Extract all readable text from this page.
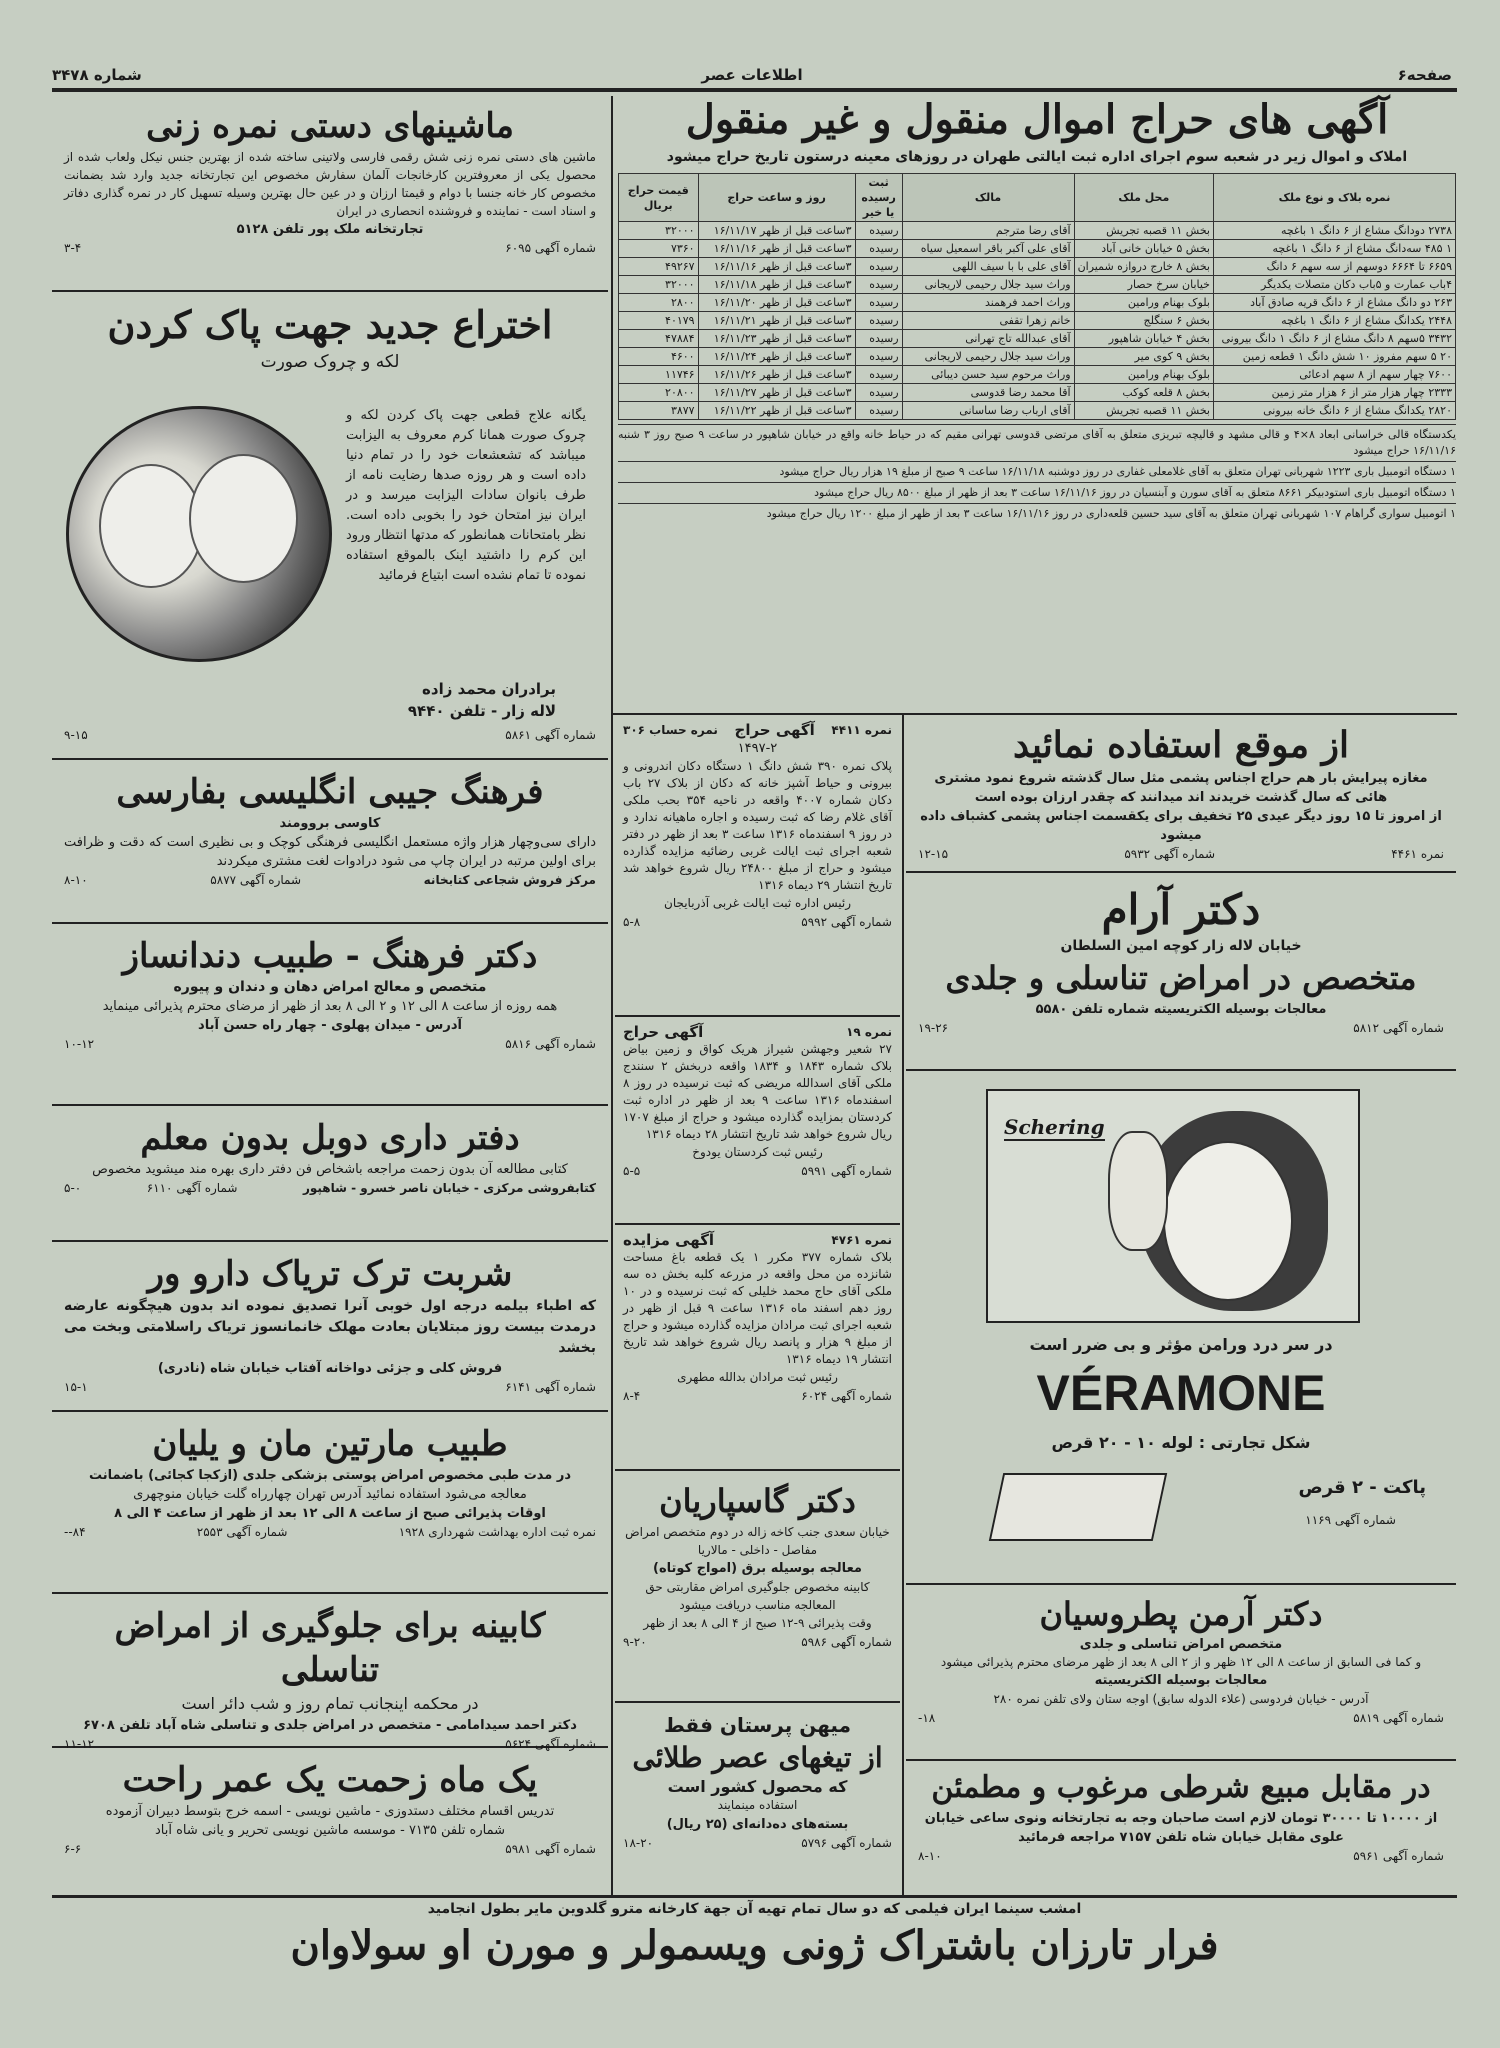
صفحه۶
اطلاعات عصر
شماره ۳۴۷۸
آگهی های حراج اموال منقول و غیر منقول
املاک و اموال زیر در شعبه سوم اجرای اداره ثبت ایالتی طهران در روزهای معینه درستون تاریخ حراج میشود
نمره بلاک و نوع ملک	محل ملک	مالک	ثبت رسیده یا خیر	روز و ساعت حراج	قیمت حراج بریال
۲۷۳۸ دودانگ مشاع از ۶ دانگ ۱ باغچه	بخش ۱۱ قصبه تجریش	آقای رضا مترجم	رسیده	۳ساعت قبل از ظهر ۱۶/۱۱/۱۷	۳۲۰۰۰
۱ ۴۸۵ سه‌دانگ مشاع از ۶ دانگ ۱ باغچه	بخش ۵ خیابان خانی آباد	آقای علی آکبر باقر اسمعیل سیاه	رسیده	۳ساعت قبل از ظهر ۱۶/۱۱/۱۶	۷۳۶۰
۶۶۵۹ تا ۶۶۶۴ دوسهم از سه سهم ۶ دانگ	بخش ۸ خارج دروازه شمیران	آقای علی با با سیف اللهی	رسیده	۳ساعت قبل از ظهر ۱۶/۱۱/۱۶	۴۹۲۶۷
۴باب عمارت و ۵باب دکان متصلات یکدیگر	خیابان سرخ حصار	وراث سید جلال رحیمی لاریجانی	رسیده	۳ساعت قبل از ظهر ۱۶/۱۱/۱۸	۳۲۰۰۰
۲۶۳ دو دانگ مشاع از ۶ دانگ قریه صادق آباد	بلوک بهنام ورامین	وراث احمد فرهمند	رسیده	۳ساعت قبل از ظهر ۱۶/۱۱/۲۰	۲۸۰۰
۲۴۴۸ یکدانگ مشاع از ۶ دانگ ۱ باغچه	بخش ۶ سنگلج	خانم زهرا تقفی	رسیده	۳ساعت قبل از ظهر ۱۶/۱۱/۲۱	۴۰۱۷۹
۳۴۳۲ ۵سهم ۸ دانگ مشاع از ۶ دانگ ۱ دانگ بیرونی	بخش ۴ خیابان شاهپور	آقای عبدالله تاج تهرانی	رسیده	۳ساعت قبل از ظهر ۱۶/۱۱/۲۳	۴۷۸۸۴
۲۰ ۵ سهم مفروز ۱۰ شش دانگ ۱ قطعه زمین	بخش ۹ کوی میر	وراث سید جلال رحیمی لاریجانی	رسیده	۳ساعت قبل از ظهر ۱۶/۱۱/۲۴	۴۶۰۰
۷۶۰۰ چهار سهم از ۸ سهم ادعائی	بلوک بهنام ورامین	وراث مرحوم سید حسن دیبائی	رسیده	۳ساعت قبل از ظهر ۱۶/۱۱/۲۶	۱۱۷۴۶
۲۳۳۳ چهار هزار متر از ۶ هزار متر زمین	بخش ۸ قلعه کوکب	آقا محمد رضا قدوسی	رسیده	۳ساعت قبل از ظهر ۱۶/۱۱/۲۷	۲۰۸۰۰
۲۸۲۰ یکدانگ مشاع از ۶ دانگ خانه بیرونی	بخش ۱۱ قصبه تجریش	آقای ارباب رضا ساسانی	رسیده	۳ساعت قبل از ظهر ۱۶/۱۱/۲۲	۳۸۷۷
یکدستگاه قالی خراسانی ابعاد ۸×۴ و قالی مشهد و قالیچه تبریزی متعلق به آقای مرتضی قدوسی تهرانی مقیم که در حیاط خانه واقع در خیابان شاهپور در ساعت ۹ صبح روز ۳ شنبه ۱۶/۱۱/۱۶ حراج میشود
۱ دستگاه اتومبیل باری ۱۲۲۳ شهربانی تهران متعلق به آقای غلامعلی غفاری در روز دوشنبه ۱۶/۱۱/۱۸ ساعت ۹ صبح از مبلغ ۱۹ هزار ریال حراج میشود
۱ دستگاه اتومبیل باری استودبیکر ۸۶۶۱ متعلق به آقای سورن و آبنسیان در روز ۱۶/۱۱/۱۶ ساعت ۳ بعد از ظهر از مبلغ ۸۵۰۰ ریال حراج میشود
۱ اتومبیل سواری گراهام ۱۰۷ شهربانی تهران متعلق به آقای سید حسین قلعه‌داری در روز ۱۶/۱۱/۱۶ ساعت ۳ بعد از ظهر از مبلغ ۱۲۰۰ ریال حراج میشود
ماشینهای دستی نمره زنی
ماشین های دستی نمره زنی شش رقمی فارسی ولاتینی ساخته شده از بهترین جنس نیکل ولعاب شده از محصول یکی از معروفترین کارخانجات آلمان سفارش مخصوص این تجارتخانه جدید وارد شد بضمانت مخصوص کار خانه جنسا با دوام و قیمتا ارزان و در عین حال بهترین وسیله تسهیل کار در نمره گذاری دفاتر و اسناد است - نماینده و فروشنده انحصاری در ایران
تجارتخانه ملک پور تلفن ۵۱۲۸
شماره آگهی ۶۰۹۵
۳-۴
اختراع جدید جهت پاک کردن
لکه و چروک صورت
یگانه علاج قطعی جهت پاک کردن لکه و چروک صورت همانا کرم معروف به الیزابت میباشد که تشعشعات خود را در تمام دنیا داده است و هر روزه صدها رضایت نامه از طرف بانوان سادات الیزابت میرسد و در ایران نیز امتحان خود را بخوبی داده است. نظر بامتحانات همانطور که مدتها انتظار ورود این کرم را داشتید اینک بالموقع استفاده نموده تا تمام نشده است ابتیاع فرمائید
برادران محمد زاده
لاله زار - تلفن ۹۴۴۰
شماره آگهی ۵۸۶۱
۹-۱۵
فرهنگ جیبی انگلیسی بفارسی
کاوسی بروومند
دارای سی‌وچهار هزار واژه مستعمل انگلیسی فرهنگی کوچک و بی نظیری است که دقت و ظرافت برای اولین مرتبه در ایران چاپ می شود درادوات لغت مشتری میکردند
مرکز فروش شجاعی کتابخانه
شماره آگهی ۵۸۷۷
۸-۱۰
دکتر فرهنگ - طبیب دندانساز
متخصص و معالج امراض دهان و دندان و پیوره
همه روزه از ساعت ۸ الی ۱۲ و ۲ الی ۸ بعد از ظهر از مرضای محترم پذیرائی مینماید
آدرس - میدان پهلوی - چهار راه حسن آباد
شماره آگهی ۵۸۱۶
۱۰-۱۲
دفتر داری دوبل بدون معلم
کتابی مطالعه آن بدون زحمت مراجعه باشخاص فن دفتر داری بهره مند میشوید مخصوص
کتابفروشی مرکزی - خیابان ناصر خسرو - شاهپور
شماره آگهی ۶۱۱۰
۵-۰
شربت ترک تریاک دارو ور
که اطباء بیلمه درجه اول خوبی آنرا تصدیق نموده اند بدون هیچگونه عارضه درمدت بیست روز مبتلایان بعادت مهلک خانمانسوز تریاک راسلامتی وبخت می بخشد
فروش کلی و جزئی دواخانه آفتاب خیابان شاه (نادری)
شماره آگهی ۶۱۴۱
۱۵-۱
طبیب مارتین مان و یلیان
در مدت طبی مخصوص امراض پوستی بزشکی جلدی (ازکجا کجائی) باضمانت
معالجه می‌شود استفاده نمائید آدرس تهران چهارراه گلت خیابان منوچهری
اوقات پذیرائی صبح از ساعت ۸ الی ۱۲ بعد از ظهر از ساعت ۴ الی ۸
نمره ثبت اداره بهداشت شهرداری ۱۹۲۸
شماره آگهی ۲۵۵۳
۸۴--
کابینه برای جلوگیری از امراض تناسلی
در محکمه اینجانب تمام روز و شب دائر است
دکتر احمد سیدامامی - متخصص در امراض جلدی و تناسلی شاه آباد تلفن ۶۷۰۸
شماره آگهی ۵۶۲۴
۱۱-۱۲
یک ماه زحمت یک عمر راحت
تدریس اقسام مختلف دستدوزی - ماشین نویسی - اسمه خرج بتوسط دبیران آزموده
شماره تلفن ۷۱۳۵ - موسسه ماشین نویسی تحریر و یانی شاه آباد
شماره آگهی ۵۹۸۱
۶-۶
نمره ۴۴۱۱
آگهی حراج
نمره حساب ۳۰۶
۱۴۹۷-۲
پلاک نمره ۳۹۰ شش دانگ ۱ دستگاه دکان اندرونی و بیرونی و حیاط آشپز خانه که دکان از بلاک ۲۷ باب دکان شماره ۴۰۰۷ واقعه در ناحیه ۳۵۴ بحب ملکی آقای غلام رضا که ثبت رسیده و اجاره ماهیانه ندارد و در روز ۹ اسفندماه ۱۳۱۶ ساعت ۳ بعد از ظهر در دفتر شعبه اجرای ثبت ایالت غربی رضائیه مزایده گذارده میشود و حراج از مبلغ ۲۴۸۰۰ ریال شروع خواهد شد تاریخ انتشار ۲۹ دیماه ۱۳۱۶
رئیس اداره ثبت ایالت غربی آذربایجان
شماره آگهی ۵۹۹۲
۵-۸
نمره ۱۹
آگهی حراج
۲۷ شعیر وجهشن شیراز هریک کواق و زمین بیاض بلاک شماره ۱۸۴۳ و ۱۸۳۴ واقعه دربخش ۲ سنندج ملکی آقای اسدالله مریضی که ثبت نرسیده در روز ۸ اسفندماه ۱۳۱۶ ساعت ۹ بعد از ظهر در اداره ثبت کردستان بمزایده گذارده میشود و حراج از مبلغ ۱۷۰۷ ریال شروع خواهد شد تاریخ انتشار ۲۸ دیماه ۱۳۱۶
رئیس ثبت کردستان یودوخ
شماره آگهی ۵۹۹۱
۵-۵
نمره ۴۷۶۱
آگهی مزایده
بلاک شماره ۳۷۷ مکرر ۱ یک قطعه باغ مساحت شانزده من محل واقعه در مزرعه کلبه بخش ده سه ملکی آقای حاج محمد خلیلی که ثبت نرسیده و در ۱۰ روز دهم اسفند ماه ۱۳۱۶ ساعت ۹ قبل از ظهر در شعبه اجرای ثبت مرادان مزایده گذارده میشود و حراج از مبلغ ۹ هزار و پانصد ریال شروع خواهد شد تاریخ انتشار ۱۹ دیماه ۱۳۱۶
رئیس ثبت مرادان بدالله مطهری
شماره آگهی ۶۰۲۴
۸-۴
دکتر گاسپاریان
خیابان سعدی جنب کاخه زاله در دوم متخصص امراض مفاصل - داخلی - مالاریا
معالجه بوسیله برق (امواج کوتاه)
کابینه مخصوص جلوگیری امراض مقاربتی حق المعالجه مناسب دریافت میشود
وقت پذیرائی ۹-۱۲ صبح از ۴ الی ۸ بعد از ظهر
شماره آگهی ۵۹۸۶
۹-۲۰
میهن پرستان فقط
از تیغهای عصر طلائی
که محصول کشور است
استفاده مینمایند
بسته‌های ده‌دانه‌ای (۲۵ ریال)
شماره آگهی ۵۷۹۶
۱۸-۲۰
از موقع استفاده نمائید
مغازه پیرایش بار هم حراج اجناس پشمی مثل سال گذشته شروع نمود مشتری هائی که سال گذشت خریدند اند میدانند که چقدر ارزان بوده است
از امروز تا ۱۵ روز دیگر عیدی ۲۵ تخفیف برای یکقسمت اجناس پشمی کشباف داده میشود
نمره ۴۴۶۱
شماره آگهی ۵۹۳۲
۱۲-۱۵
دکتر آرام
خیابان لاله زار کوچه امین السلطان
متخصص در امراض تناسلی و جلدی
معالجات بوسیله الکتریسیته شماره تلفن ۵۵۸۰
شماره آگهی ۵۸۱۲
۱۹-۲۶
Schering
در سر درد ورامن مؤثر و بی ضرر است
VÉRAMONE
شکل تجارتی : لوله ۱۰ - ۲۰ قرص
پاکت - ۲ قرص
شماره آگهی ۱۱۶۹
دکتر آرمن پطروسیان
متخصص امراض تناسلی و جلدی
و کما فی السابق از ساعت ۸ الی ۱۲ ظهر و از ۲ الی ۸ بعد از ظهر مرضای محترم پذیرائی میشود
معالجات بوسیله الکتریسیته
آدرس - خیابان فردوسی (علاء الدوله سابق) اوجه ستان ولای تلفن نمره ۲۸۰
شماره آگهی ۵۸۱۹
۱۸-
در مقابل مبیع شرطی مرغوب و مطمئن
از ۱۰۰۰۰ تا ۳۰۰۰۰ تومان لازم است صاحبان وجه به تجارتخانه ونوی ساعی خیابان علوی مقابل خیابان شاه تلفن ۷۱۵۷ مراجعه فرمائید
شماره آگهی ۵۹۶۱
۸-۱۰
امشب سینما ایران فیلمی که دو سال تمام تهیه آن جهة کارخانه مترو گلدوین مایر بطول انجامید
فرار تارزان باشتراک ژونی ویسمولر و مورن او سولاوان
